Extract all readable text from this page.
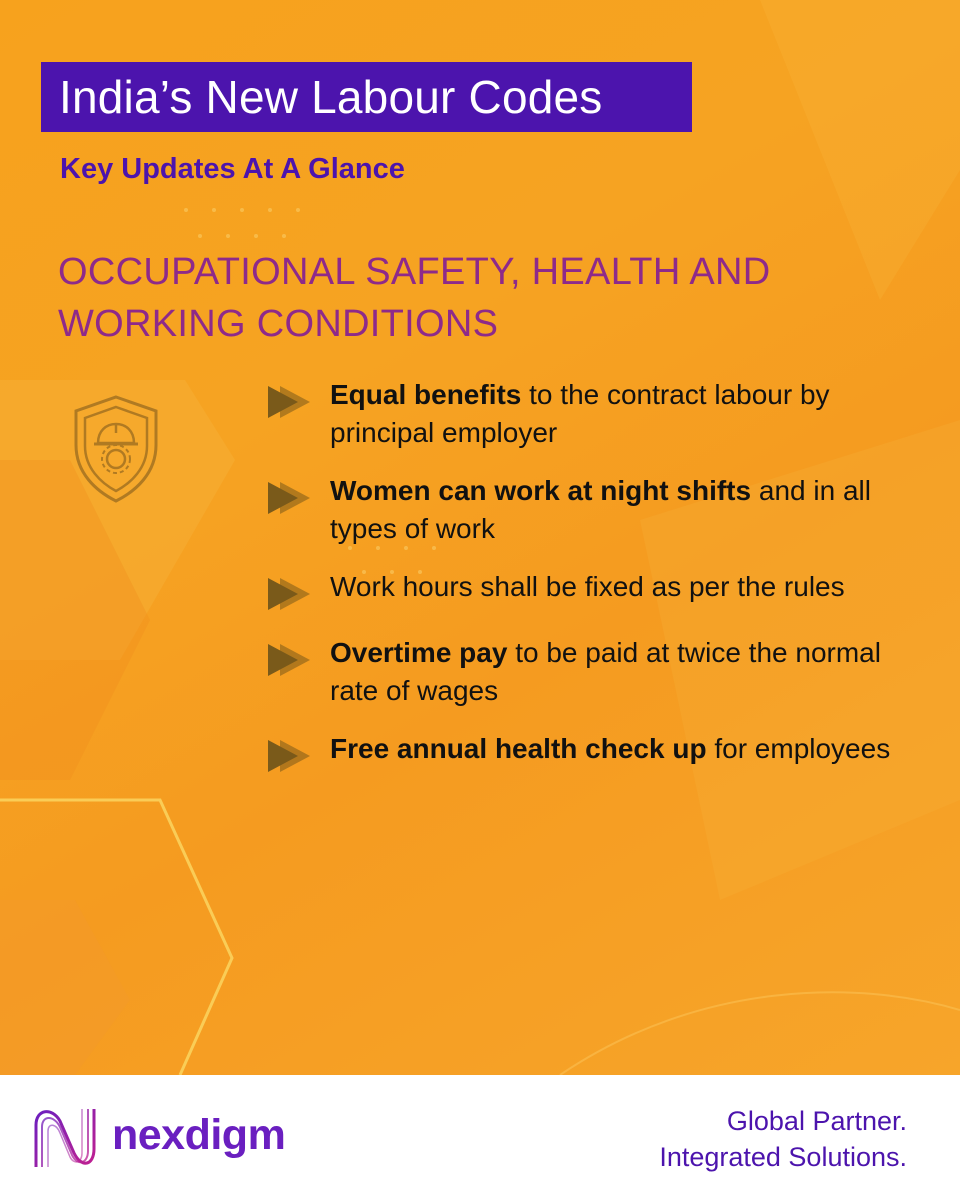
India’s New Labour Codes
Key Updates At A Glance
OCCUPATIONAL SAFETY, HEALTH AND WORKING CONDITIONS
Equal benefits to the contract labour by principal employer
Women can work at night shifts and in all types of work
Work hours shall be fixed as per the rules
Overtime pay to be paid at twice the normal rate of wages
Free annual health check up for employees
nexdigm	Global Partner.
Integrated Solutions.
